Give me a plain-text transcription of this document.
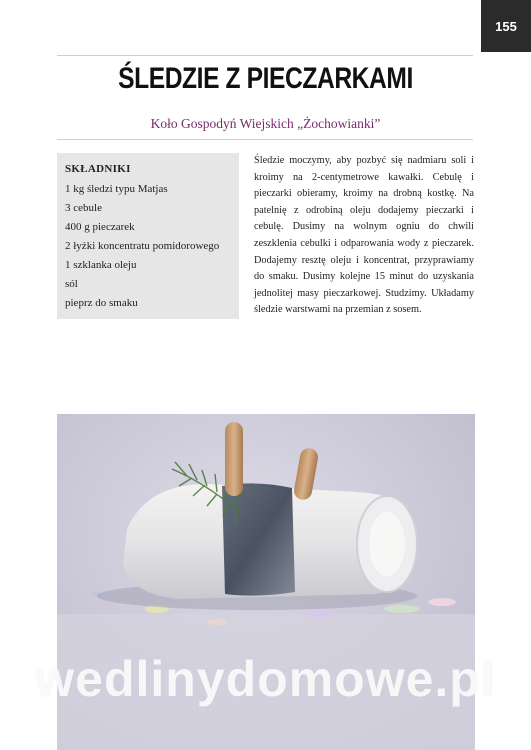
155
ŚLEDZIE Z PIECZARKAMI
Koło Gospodyń Wiejskich „Żochowianki”
SKŁADNIKI
1 kg śledzi typu Matjas
3 cebule
400 g pieczarek
2 łyżki koncentratu pomidorowego
1 szklanka oleju
sól
pieprz do smaku
Śledzie moczymy, aby pozbyć się nadmiaru soli i kroimy na 2-centymetrowe kawałki. Cebulę i pieczarki obieramy, kroimy na drobną kostkę. Na patelnię z odrobiną oleju dodajemy pieczarki i cebulę. Dusimy na wolnym ogniu do chwili zeszklenia cebulki i odparowania wody z pieczarek. Dodajemy resztę oleju i koncentrat, przyprawiamy do smaku. Dusimy kolejne 15 minut do uzyskania jednolitej masy pieczarkowej. Studzimy. Układamy śledzie warstwami na przemian z sosem.
wedlinydomowe.pl
